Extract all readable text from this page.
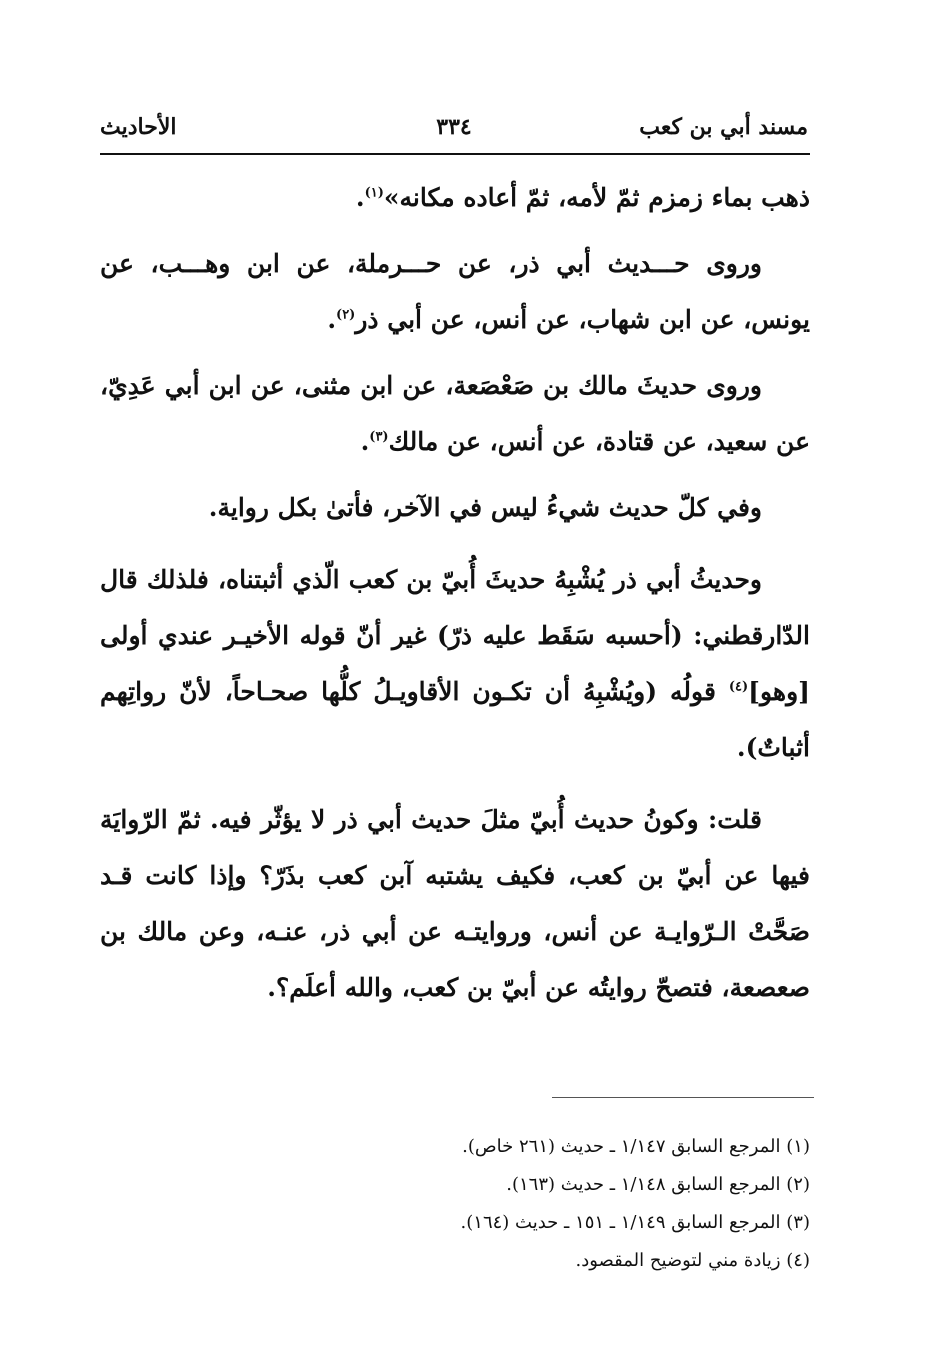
مسند أبي بن كعب
٣٣٤
الأحاديث

ذهب بماء زمزم ثمّ لأمه، ثمّ أعاده مكانه»$^{(١)}$.

وروى حـــديث أبي ذر، عن حـــرملة، عن ابن وهـــب، عن يونس، عن ابن شهاب، عن أنس، عن أبي ذر$^{(٢)}$.

وروى حديثَ مالك بن صَعْصَعة، عن ابن مثنى، عن ابن أبي عَدِيّ، عن سعيد، عن قتادة، عن أنس، عن مالك$^{(٣)}$.

وفي كلّ حديث شيءُ ليس في الآخر، فأتىٰ بكل رواية.

وحديثُ أبي ذر يُشْبِهُ حديثَ أُبيّ بن كعب الّذي أثبتناه، فلذلك قال الدّارقطني: (أحسبه سَقَط عليه ذرّ) غير أنّ قوله الأخيـر عندي أولى [وهو]$^{(٤)}$ قولُه (ويُشْبِهُ أن تكـون الأقاويـلُ كلُّها صحـاحاً، لأنّ رواتِهم أثباتٌ).

قلت: وكونُ حديث أُبيّ مثلَ حديث أبي ذر لا يؤثّر فيه. ثمّ الرّوايَة فيها عن أبيّ بن كعب، فكيف يشتبه آبن كعب بذَرّ؟ وإذا كانت قـد صَحَّتْ الـرّوايـة عن أنس، وروايتـه عن أبي ذر، عنـه، وعن مالك بن صعصعة، فتصحّ روايتُه عن أبيّ بن كعب، والله أعلَم؟.

(١) المرجع السابق ١/١٤٧ ـ حديث (٢٦١ خاص).
(٢) المرجع السابق ١/١٤٨ ـ حديث (١٦٣).
(٣) المرجع السابق ١/١٤٩ ـ ١٥١ ـ حديث (١٦٤).
(٤) زيادة مني لتوضيح المقصود.
